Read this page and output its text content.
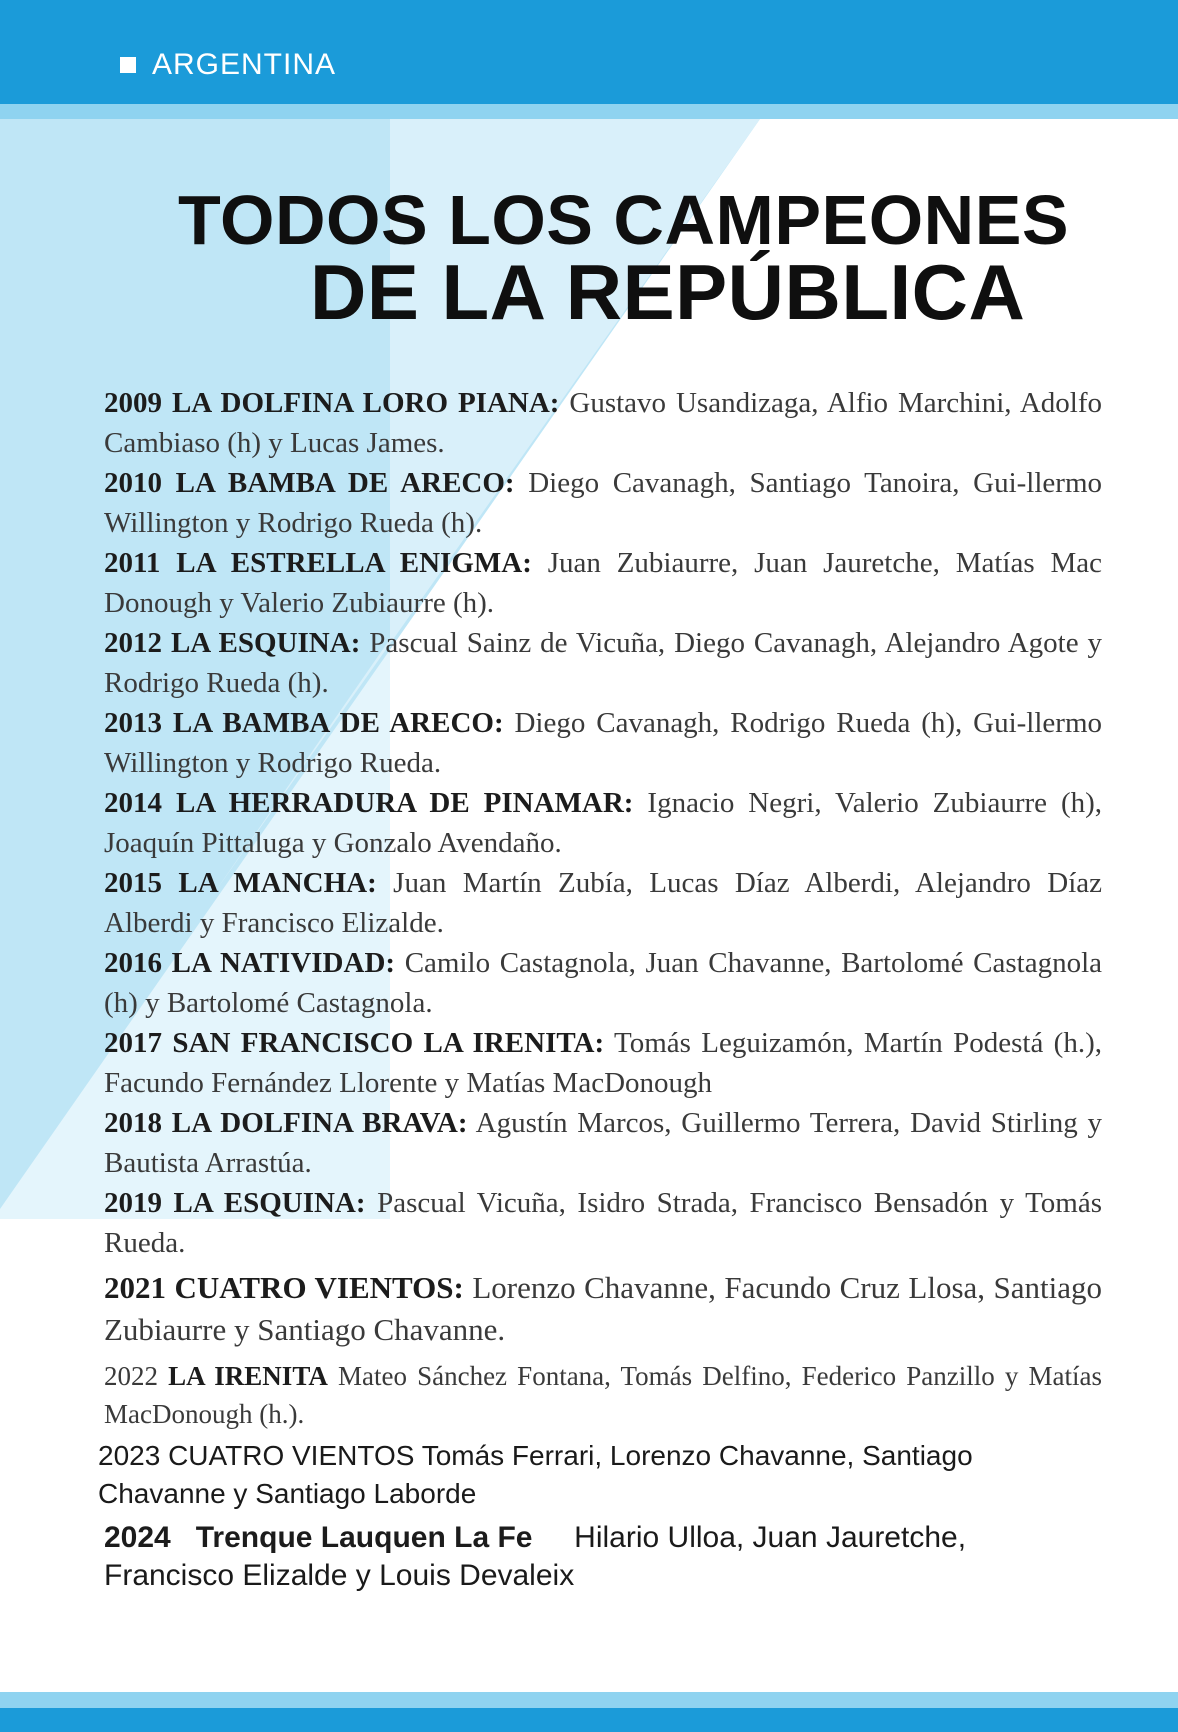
ARGENTINA
TODOS LOS CAMPEONES
DE LA REPÚBLICA

2009 LA DOLFINA LORO PIANA: Gustavo Usandizaga, Alfio Marchini, Adolfo Cambiaso (h) y Lucas James.

2010 LA BAMBA DE ARECO: Diego Cavanagh, Santiago Tanoira, Gui-llermo Willington y Rodrigo Rueda (h).

2011 LA ESTRELLA ENIGMA: Juan Zubiaurre, Juan Jauretche, Matías Mac Donough y Valerio Zubiaurre (h).

2012 LA ESQUINA: Pascual Sainz de Vicuña, Diego Cavanagh, Alejandro Agote y Rodrigo Rueda (h).

2013 LA BAMBA DE ARECO: Diego Cavanagh, Rodrigo Rueda (h), Gui-llermo Willington y Rodrigo Rueda.

2014 LA HERRADURA DE PINAMAR: Ignacio Negri, Valerio Zubiaurre (h), Joaquín Pittaluga y Gonzalo Avendaño.

2015 LA MANCHA: Juan Martín Zubía, Lucas Díaz Alberdi, Alejandro Díaz Alberdi y Francisco Elizalde.

2016 LA NATIVIDAD: Camilo Castagnola, Juan Chavanne, Bartolomé Castagnola (h) y Bartolomé Castagnola.

2017 SAN FRANCISCO LA IRENITA: Tomás Leguizamón, Martín Podestá (h.), Facundo Fernández Llorente y Matías MacDonough

2018 LA DOLFINA BRAVA: Agustín Marcos, Guillermo Terrera, David Stirling y Bautista Arrastúa.

2019 LA ESQUINA: Pascual Vicuña, Isidro Strada, Francisco Bensadón y Tomás Rueda.

2021 CUATRO VIENTOS: Lorenzo Chavanne, Facundo Cruz Llosa, Santiago Zubiaurre y Santiago Chavanne.

2022 LA IRENITA Mateo Sánchez Fontana, Tomás Delfino, Federico Panzillo y Matías MacDonough (h.).

2023 CUATRO VIENTOS Tomás Ferrari, Lorenzo Chavanne, Santiago Chavanne y Santiago Laborde

2024 Trenque Lauquen La Fe Hilario Ulloa, Juan Jauretche, Francisco Elizalde y Louis Devaleix
